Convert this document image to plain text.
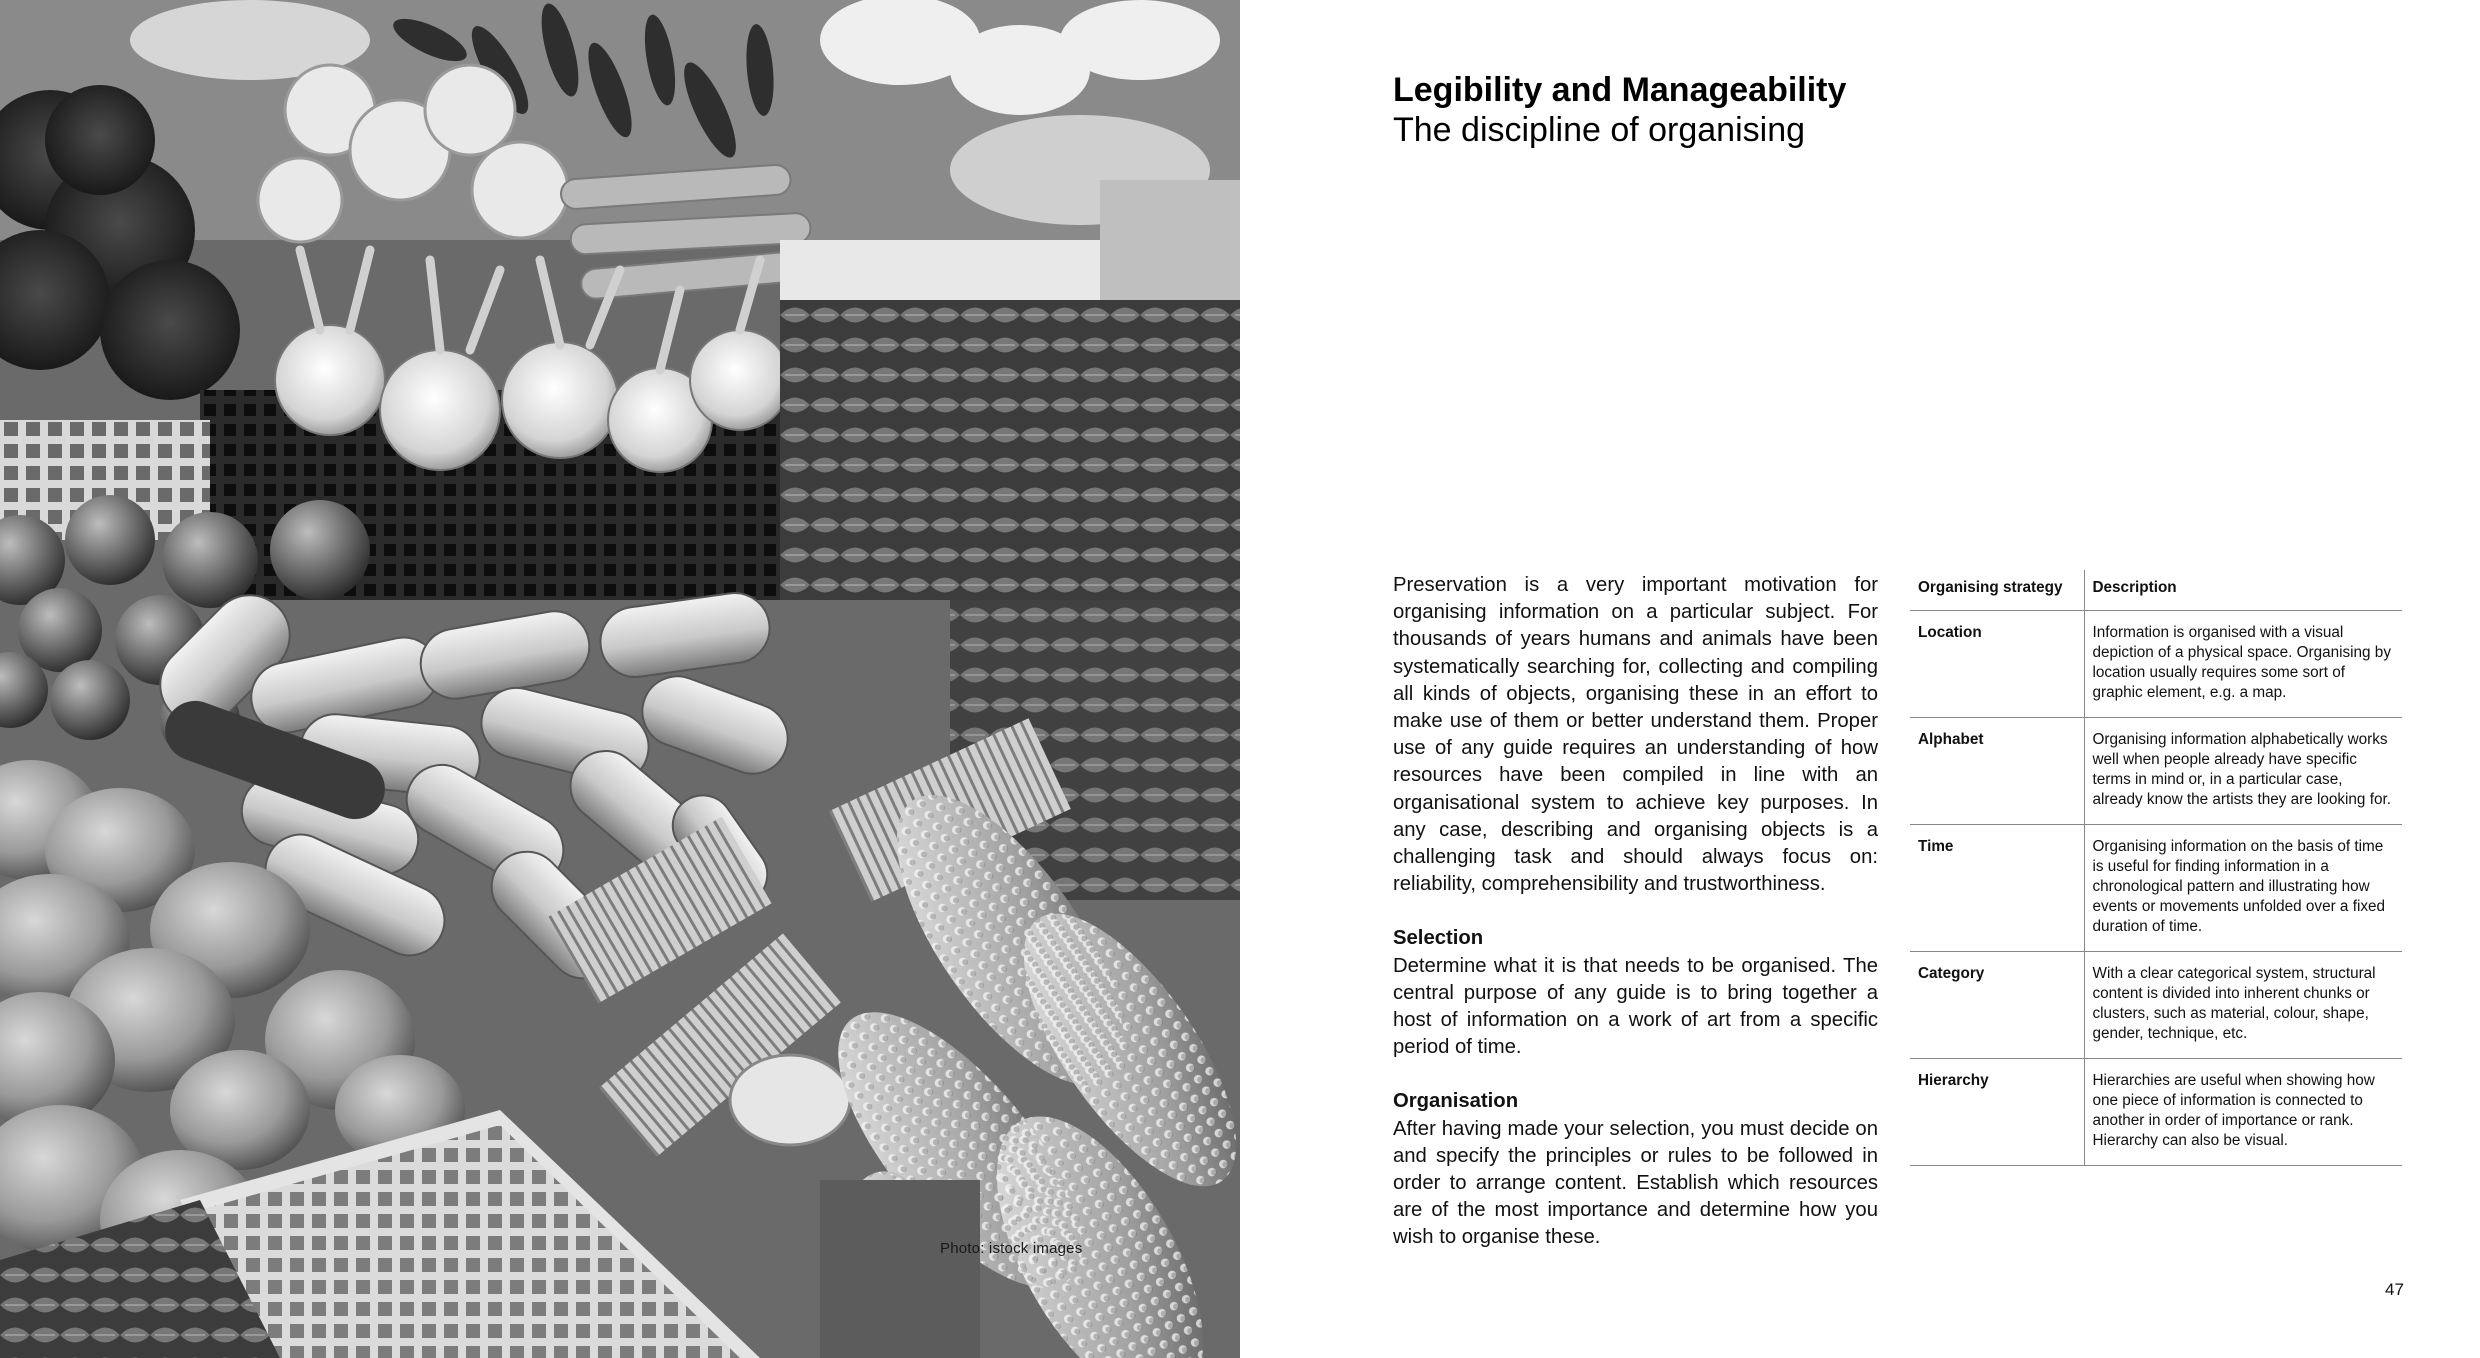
Photo: istock images
Legibility and Manageability
The discipline of organising

Preservation is a very important motivation for organising information on a particular subject. For thousands of years humans and animals have been systematically searching for, collecting and compiling all kinds of objects, organising these in an effort to make use of them or better understand them. Proper use of any guide requires an understanding of how resources have been compiled in line with an organisational system to achieve key purposes. In any case, describing and organising objects is a challenging task and should always focus on: reliability, comprehensibility and trustworthiness.

Selection

Determine what it is that needs to be organised. The central purpose of any guide is to bring together a host of information on a work of art from a specific period of time.

Organisation

After having made your selection, you must decide on and specify the principles or rules to be followed in order to arrange content. Establish which resources are of the most importance and determine how you wish to organise these.

Organising strategy	Description
Location	Information is organised with a visual depiction of a physical space. Organising by location usually requires some sort of graphic element, e.g. a map.
Alphabet	Organising information alphabetically works well when people already have specific terms in mind or, in a particular case, already know the artists they are looking for.
Time	Organising information on the basis of time is useful for finding information in a chronological pattern and illustrating how events or movements unfolded over a fixed duration of time.
Category	With a clear categorical system, structural content is divided into inherent chunks or clusters, such as material, colour, shape, gender, technique, etc.
Hierarchy	Hierarchies are useful when showing how one piece of information is connected to another in order of importance or rank. Hierarchy can also be visual.
47
